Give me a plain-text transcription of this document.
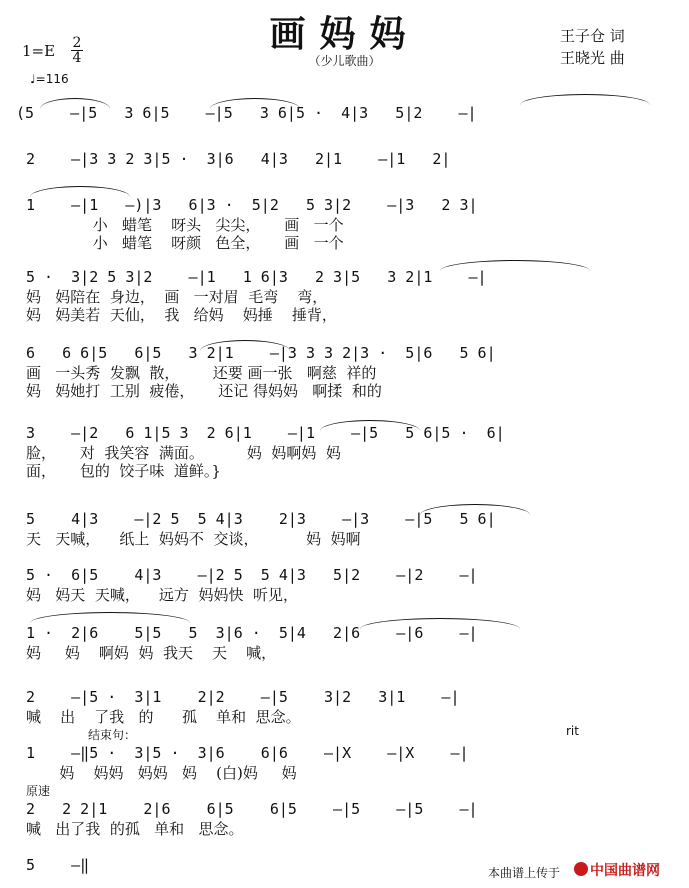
画妈妈
（少儿歌曲）
1=E 2
4
♩=116
王子仓 词
王晓光 曲
(5    —|5   3 6|5    —|5   3 6|5 ·  4|3   5|2    —|
2    —|3 3 2 3|5 ·  3|6   4|3   2|1    —|1   2|
1    —|1   —)|3   6|3 ·  5|2   5 3|2    —|3   2 3|
小   蜡笔    呀头   尖尖，     画   一个
小   蜡笔    呀颜   色全，     画   一个
5 ·  3|2 5 3|2    —|1   1 6|3   2 3|5   3 2|1    —|
妈   妈陪在  身边，  画   一对眉  毛弯    弯，
妈   妈美若  天仙，  我   给妈    妈捶    捶背，
6   6 6|5   6|5   3 2|1    —|3 3 3 2|3 ·  5|6   5 6|
画   一头秀  发飘  散，       还要 画一张   啊慈  祥的
妈   妈她打  工别  疲倦，     还记 得妈妈   啊揉  和的
3    —|2   6 1|5 3  2 6|1    —|1    —|5   5 6|5 ·  6|
脸，     对  我笑容  满面。         妈  妈啊妈  妈
面，     包的  饺子味  道鲜。}
5    4|3    —|2 5  5 4|3    2|3    —|3    —|5   5 6|
天   天喊，    纸上  妈妈不  交谈，          妈  妈啊
5 ·  6|5    4|3    —|2 5  5 4|3   5|2    —|2    —|
妈   妈天  天喊，    远方  妈妈快  听见，
1 ·  2|6    5|5   5  3|6 ·  5|4   2|6    —|6    —|
妈     妈    啊妈  妈  我天    天    喊，
2    —|5 ·  3|1    2|2    —|5    3|2   3|1    —|
喊    出    了我   的      孤    单和  思念。
结束句：	rit
1    —‖5 ·  3|5 ·  3|6    6|6    —|X    —|X    —|
妈    妈妈   妈妈   妈    (白)妈     妈
原速
2   2 2|1    2|6    6|5    6|5    —|5    —|5    —|
喊   出了我  的孤   单和   思念。
5    —‖	本曲谱上传于 中国曲谱网
